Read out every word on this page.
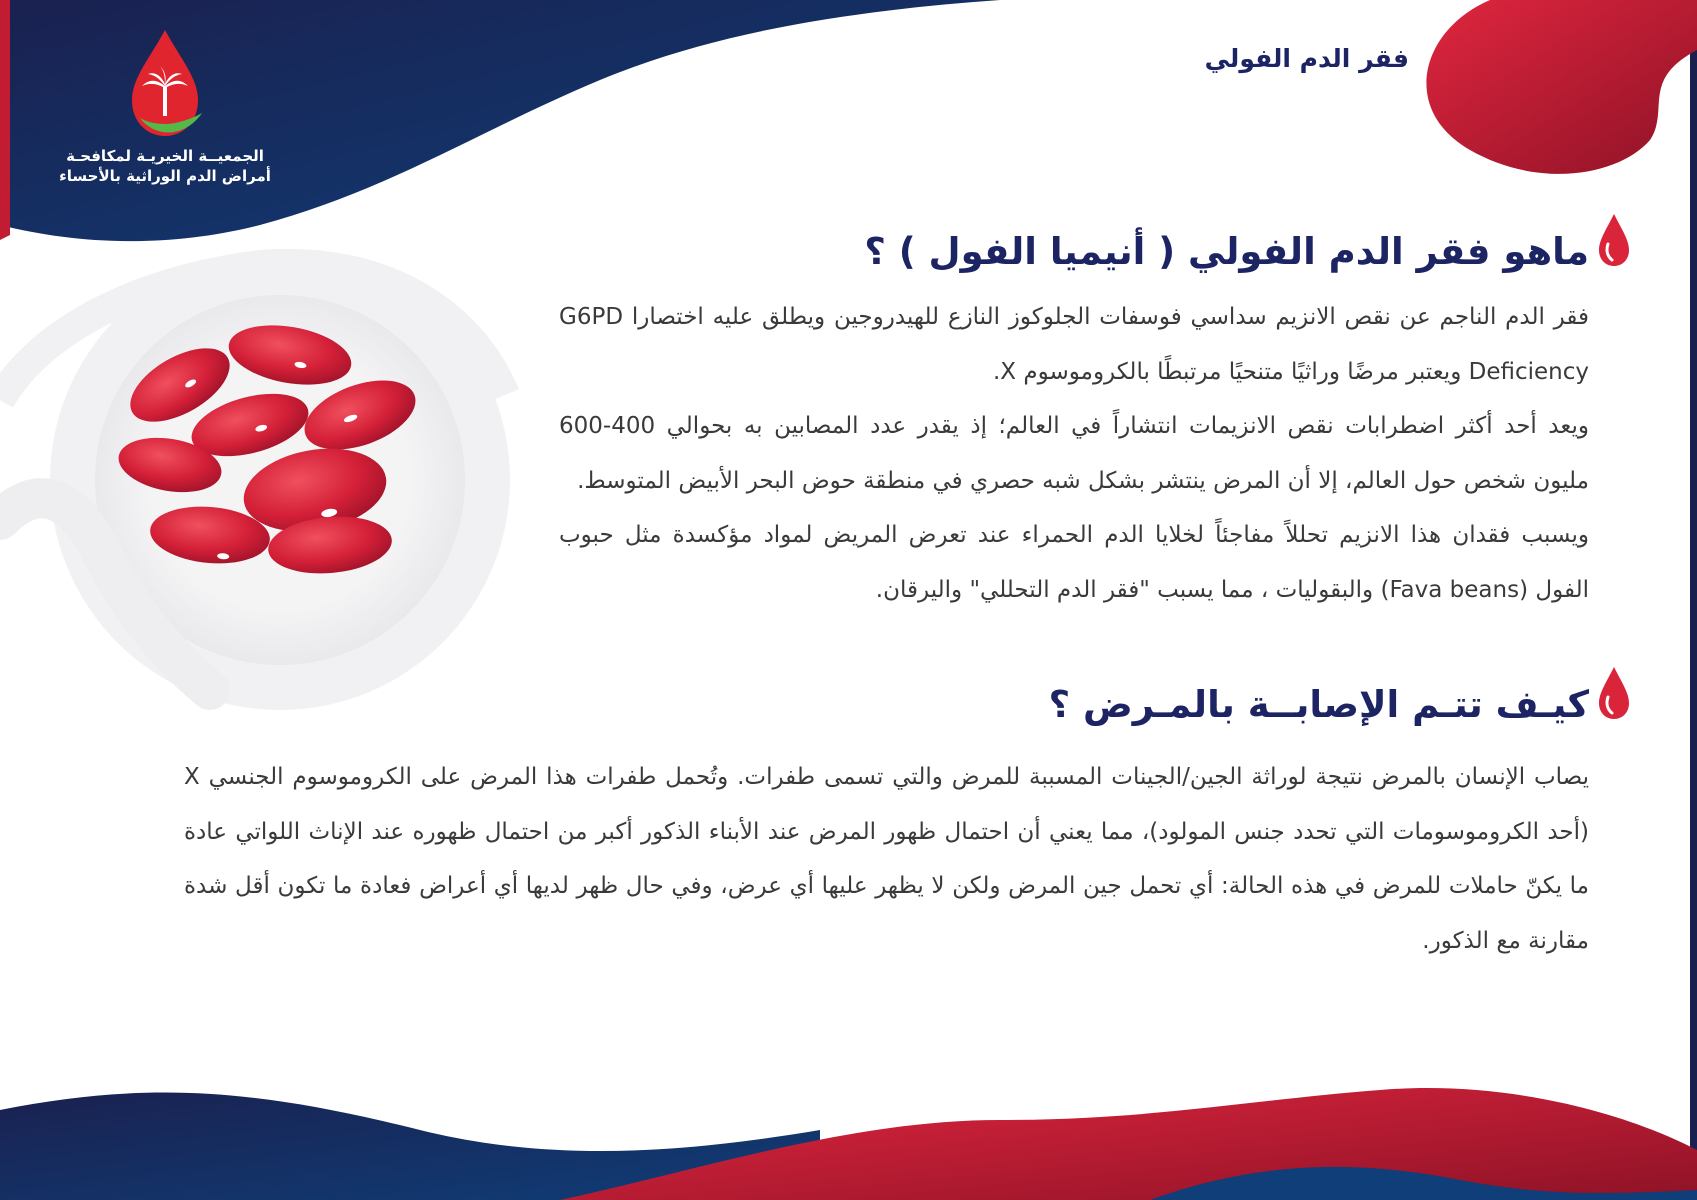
الجمعيــة الخيريـة لمكافحـة
أمراض الدم الوراثية بالأحساء
فقر الدم الفولي
ماهو فقر الدم الفولي ( أنيميا الفول ) ؟

فقر الدم الناجم عن نقص الانزيم سداسي فوسفات الجلوكوز النازع للهيدروجين ويطلق عليه اختصارا G6PD Deficiency ويعتبر مرضًا وراثيًا متنحيًا مرتبطًا بالكروموسوم X.

ويعد أحد أكثر اضطرابات نقص الانزيمات انتشاراً في العالم؛ إذ يقدر عدد المصابين به بحوالي 400-600 مليون شخص حول العالم، إلا أن المرض ينتشر بشكل شبه حصري في منطقة حوض البحر الأبيض المتوسط.

ويسبب فقدان هذا الانزيم تحللاً مفاجئاً لخلايا الدم الحمراء عند تعرض المريض لمواد مؤكسدة مثل حبوب الفول (Fava beans) والبقوليات ، مما يسبب "فقر الدم التحللي" واليرقان.

كيـف تتـم الإصابــة بالمـرض ؟

يصاب الإنسان بالمرض نتيجة لوراثة الجين/الجينات المسببة للمرض والتي تسمى طفرات. وتُحمل طفرات هذا المرض على الكروموسوم الجنسي X (أحد الكروموسومات التي تحدد جنس المولود)، مما يعني أن احتمال ظهور المرض عند الأبناء الذكور أكبر من احتمال ظهوره عند الإناث اللواتي عادة ما يكنّ حاملات للمرض في هذه الحالة: أي تحمل جين المرض ولكن لا يظهر عليها أي عرض، وفي حال ظهر لديها أي أعراض فعادة ما تكون أقل شدة مقارنة مع الذكور.
